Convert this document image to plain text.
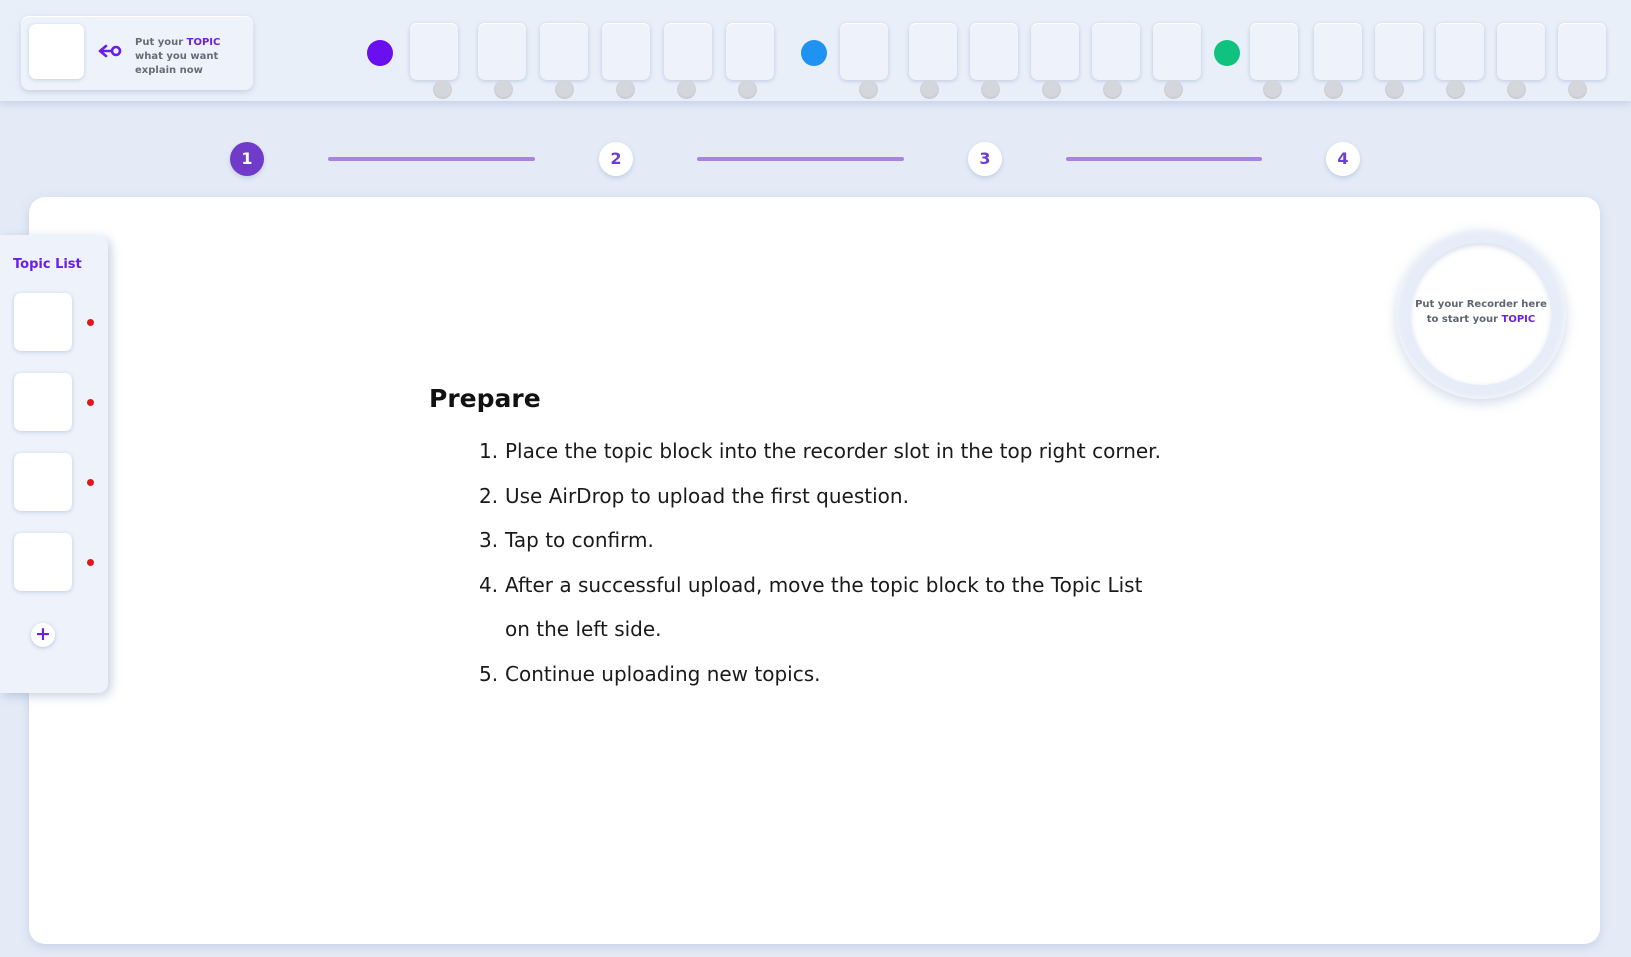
Put your TOPIC what you want explain now
1	2	3	4
Put your Recorder here
to start your TOPIC
Prepare
1. Place the topic block into the recorder slot in the top right corner.
2. Use AirDrop to upload the first question.
3. Tap to confirm.
4. After a successful upload, move the topic block to the Topic List on the left side.
5. Continue uploading new topics.
Topic List
+
